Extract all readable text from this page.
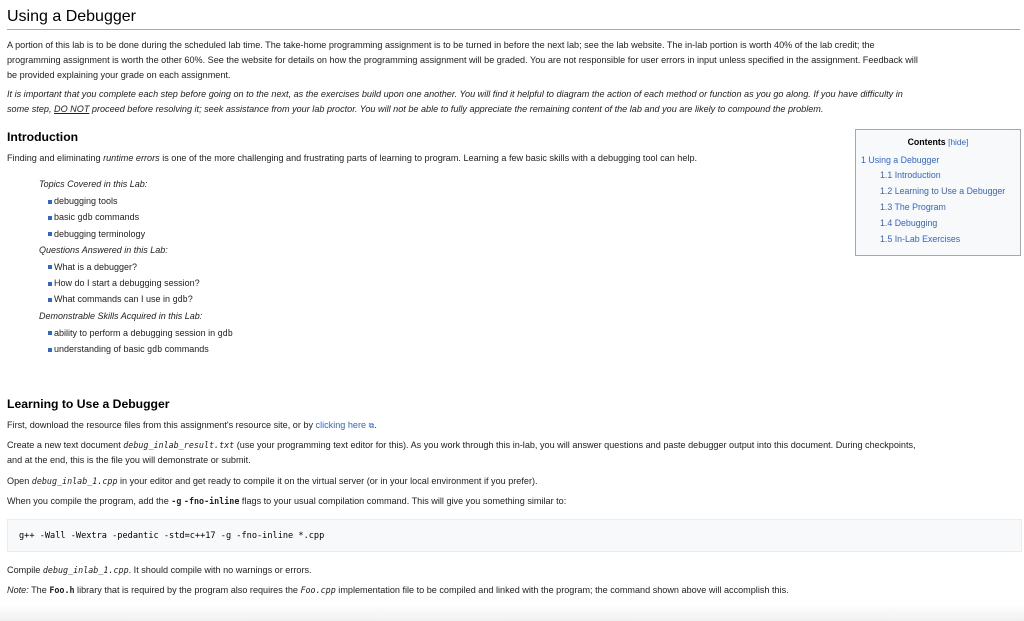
Using a Debugger
A portion of this lab is to be done during the scheduled lab time. The take-home programming assignment is to be turned in before the next lab; see the lab website. The in-lab portion is worth 40% of the lab credit; the
programming assignment is worth the other 60%. See the website for details on how the programming assignment will be graded. You are not responsible for user errors in input unless specified in the assignment. Feedback will
be provided explaining your grade on each assignment.
It is important that you complete each step before going on to the next, as the exercises build upon one another. You will find it helpful to diagram the action of each method or function as you go along. If you have difficulty in
some step, DO NOT proceed before resolving it; seek assistance from your lab proctor. You will not be able to fully appreciate the remaining content of the lab and you are likely to compound the problem.
Introduction
Finding and eliminating runtime errors is one of the more challenging and frustrating parts of learning to program. Learning a few basic skills with a debugging tool can help.
Topics Covered in this Lab:
debugging tools
basic gdb commands
debugging terminology
Questions Answered in this Lab:
What is a debugger?
How do I start a debugging session?
What commands can I use in gdb?
Demonstrable Skills Acquired in this Lab:
ability to perform a debugging session in gdb
understanding of basic gdb commands
Contents [hide]
1 Using a Debugger
1.1 Introduction
1.2 Learning to Use a Debugger
1.3 The Program
1.4 Debugging
1.5 In-Lab Exercises
Learning to Use a Debugger
First, download the resource files from this assignment's resource site, or by clicking here ⧉.
Create a new text document debug_inlab_result.txt (use your programming text editor for this). As you work through this in-lab, you will answer questions and paste debugger output into this document. During checkpoints,
and at the end, this is the file you will demonstrate or submit.
Open debug_inlab_1.cpp in your editor and get ready to compile it on the virtual server (or in your local environment if you prefer).
When you compile the program, add the -g -fno-inline flags to your usual compilation command. This will give you something similar to:
g++ -Wall -Wextra -pedantic -std=c++17 -g -fno-inline *.cpp
Compile debug_inlab_1.cpp. It should compile with no warnings or errors.
Note: The Foo.h library that is required by the program also requires the Foo.cpp implementation file to be compiled and linked with the program; the command shown above will accomplish this.
